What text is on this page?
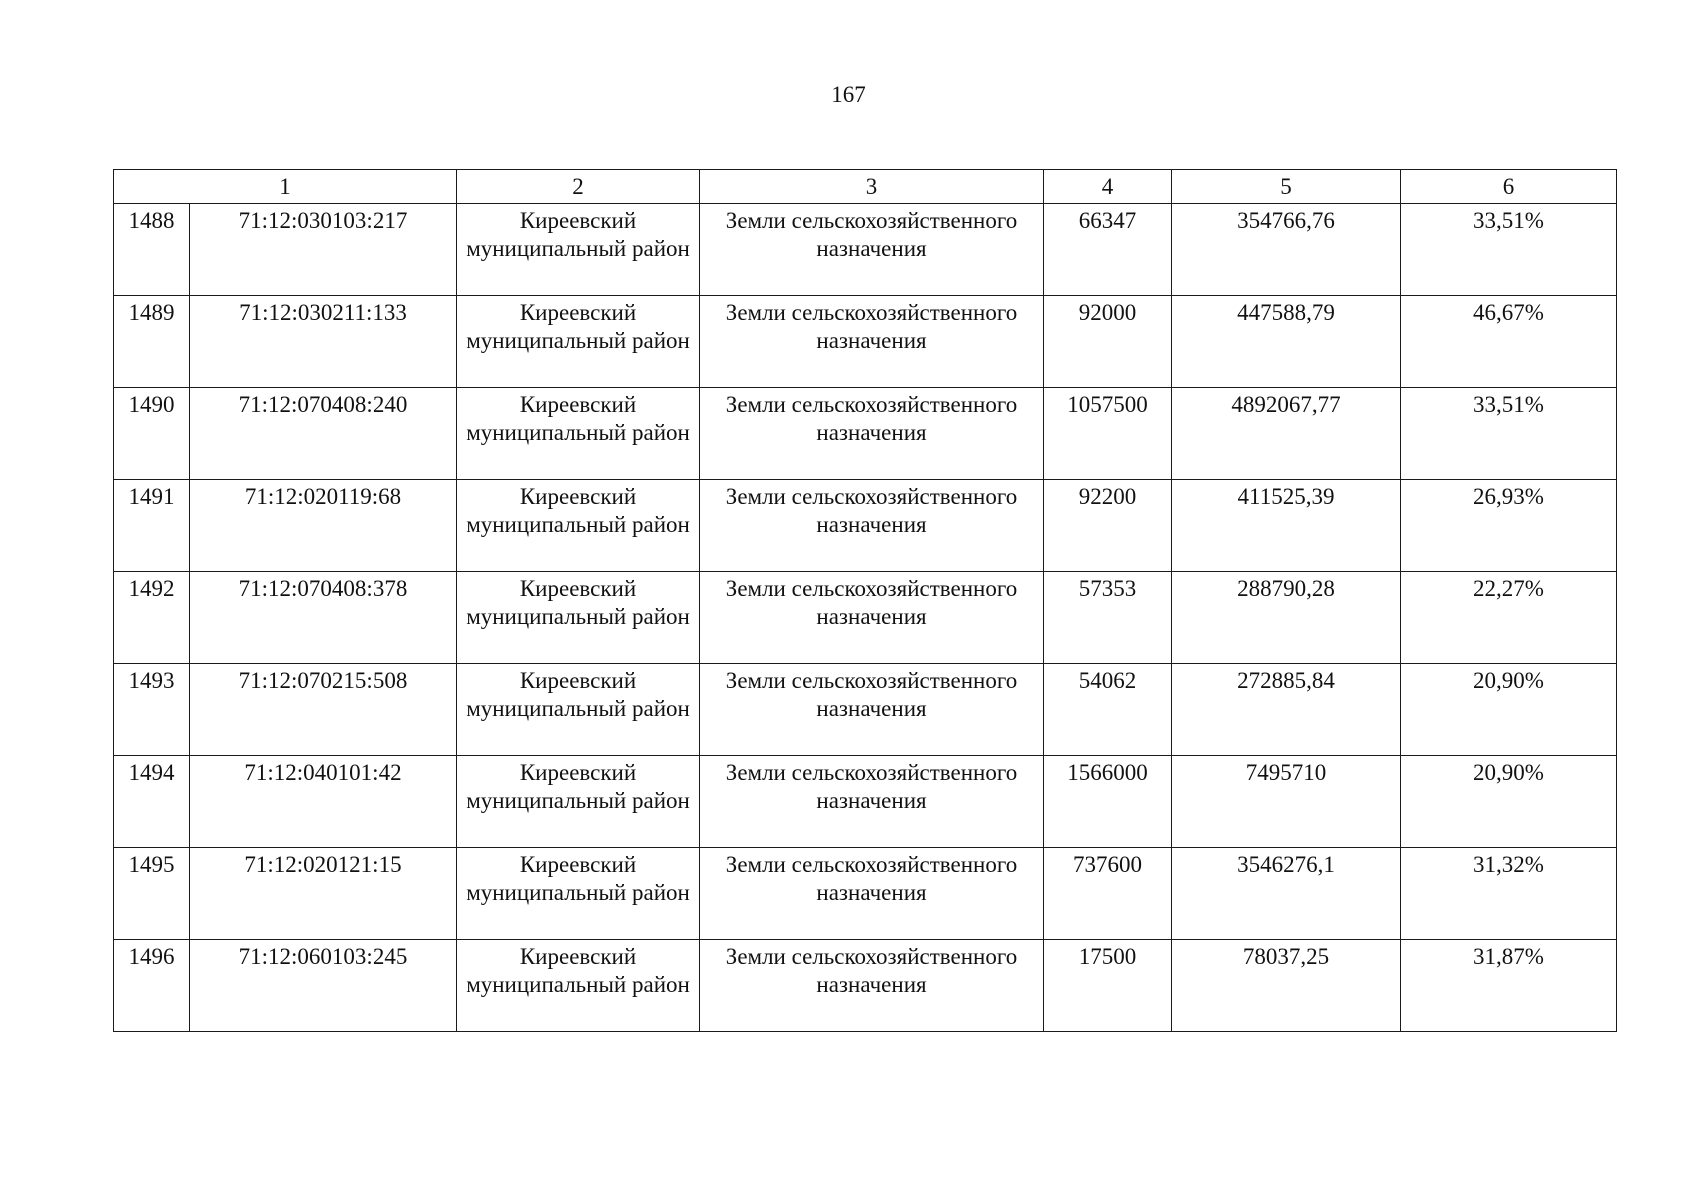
167
1		2	3	4	5	6
1488	71:12:030103:217	Киреевский муниципальный район	Земли сельскохозяйственного назначения	66347	354766,76	33,51%
1489	71:12:030211:133	Киреевский муниципальный район	Земли сельскохозяйственного назначения	92000	447588,79	46,67%
1490	71:12:070408:240	Киреевский муниципальный район	Земли сельскохозяйственного назначения	1057500	4892067,77	33,51%
1491	71:12:020119:68	Киреевский муниципальный район	Земли сельскохозяйственного назначения	92200	411525,39	26,93%
1492	71:12:070408:378	Киреевский муниципальный район	Земли сельскохозяйственного назначения	57353	288790,28	22,27%
1493	71:12:070215:508	Киреевский муниципальный район	Земли сельскохозяйственного назначения	54062	272885,84	20,90%
1494	71:12:040101:42	Киреевский муниципальный район	Земли сельскохозяйственного назначения	1566000	7495710	20,90%
1495	71:12:020121:15	Киреевский муниципальный район	Земли сельскохозяйственного назначения	737600	3546276,1	31,32%
1496	71:12:060103:245	Киреевский муниципальный район	Земли сельскохозяйственного назначения	17500	78037,25	31,87%
